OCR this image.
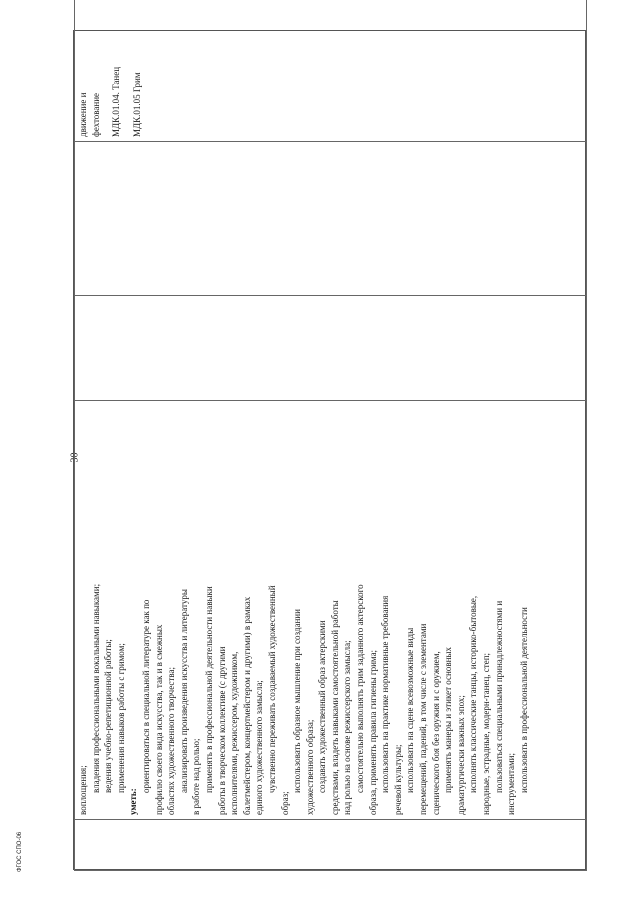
30
ФГОС СПО-06

воплощения; владения профессиональными вокальными навыками; ведения учебно-репетиционной работы; применения навыков работы с гримом;
уметь:
ориентироваться в специальной литературе как по профилю своего вида искусства, так и в смежных областях художественного творчества; анализировать произведения искусства и литературы в работе над ролью; применять в профессиональной деятельности навыки работы в творческом коллективе (с другими исполнителями, режиссером, художником, балетмейстером, концертмейстером и другими) в рамках единого художественного замысла; чувственно переживать создаваемый художественный
образ;
использовать образное мышление при создании художественного образа; создавать художественный образ актерскими средствами, владеть навыками самостоятельной работы над ролью на основе режиссерского замысла; самостоятельно выполнять грим заданного актерского образа, применять правила гигиены грима; использовать на практике нормативные требования речевой культуры; использовать на сцене всевозможные виды перемещений, падений, в том числе с элементами сценического боя без оружия и с оружием, применять манеры и этикет основных драматургически важных эпох; исполнять классические танцы, историко-бытовые, народные, эстрадные, модерн-танец, степ; пользоваться специальными принадлежностями и инструментами; использовать в профессиональной деятельности

движение и фехтование МДК.01.04. Танец МДК.01.05 Грим
